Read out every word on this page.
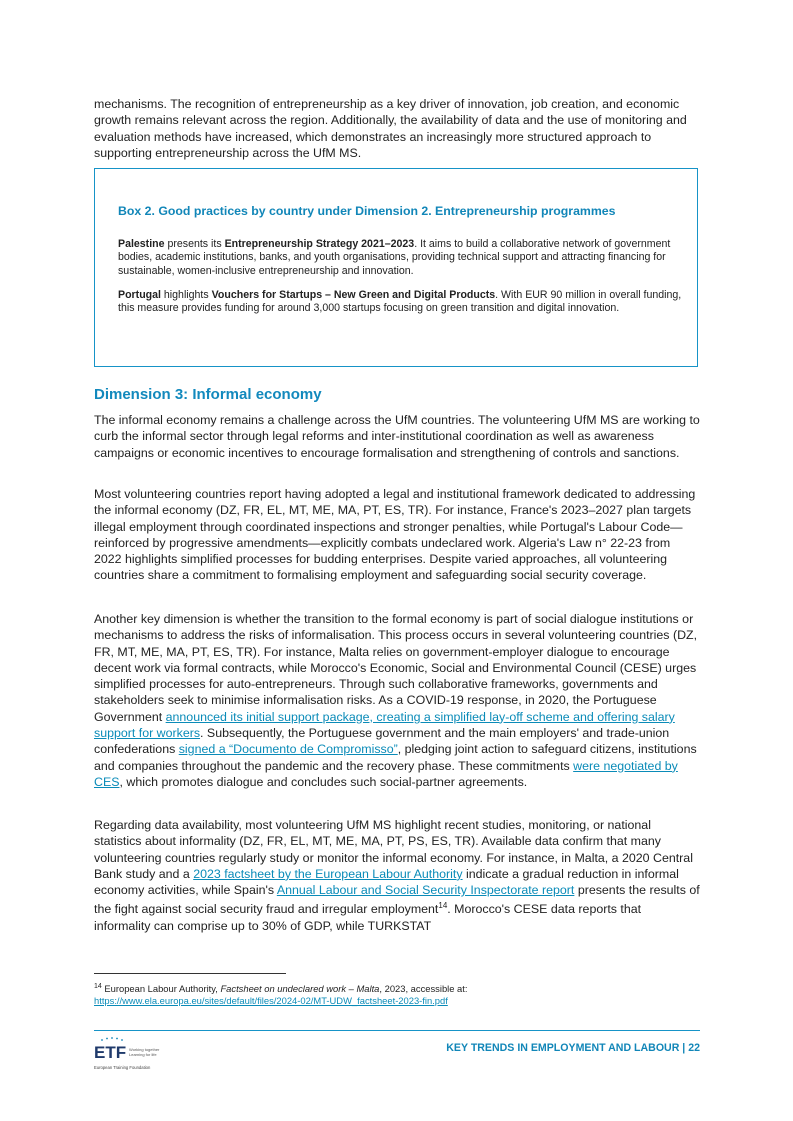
mechanisms. The recognition of entrepreneurship as a key driver of innovation, job creation, and economic growth remains relevant across the region. Additionally, the availability of data and the use of monitoring and evaluation methods have increased, which demonstrates an increasingly more structured approach to supporting entrepreneurship across the UfM MS.

Box 2. Good practices by country under Dimension 2. Entrepreneurship programmes

Palestine presents its Entrepreneurship Strategy 2021–2023. It aims to build a collaborative network of government bodies, academic institutions, banks, and youth organisations, providing technical support and attracting financing for sustainable, women-inclusive entrepreneurship and innovation.

Portugal highlights Vouchers for Startups – New Green and Digital Products. With EUR 90 million in overall funding, this measure provides funding for around 3,000 startups focusing on green transition and digital innovation.

Dimension 3: Informal economy

The informal economy remains a challenge across the UfM countries. The volunteering UfM MS are working to curb the informal sector through legal reforms and inter-institutional coordination as well as awareness campaigns or economic incentives to encourage formalisation and strengthening of controls and sanctions.

Most volunteering countries report having adopted a legal and institutional framework dedicated to addressing the informal economy (DZ, FR, EL, MT, ME, MA, PT, ES, TR). For instance, France's 2023–2027 plan targets illegal employment through coordinated inspections and stronger penalties, while Portugal's Labour Code—reinforced by progressive amendments—explicitly combats undeclared work. Algeria's Law n° 22-23 from 2022 highlights simplified processes for budding enterprises. Despite varied approaches, all volunteering countries share a commitment to formalising employment and safeguarding social security coverage.

Another key dimension is whether the transition to the formal economy is part of social dialogue institutions or mechanisms to address the risks of informalisation. This process occurs in several volunteering countries (DZ, FR, MT, ME, MA, PT, ES, TR). For instance, Malta relies on government-employer dialogue to encourage decent work via formal contracts, while Morocco's Economic, Social and Environmental Council (CESE) urges simplified processes for auto-entrepreneurs. Through such collaborative frameworks, governments and stakeholders seek to minimise informalisation risks. As a COVID-19 response, in 2020, the Portuguese Government announced its initial support package, creating a simplified lay-off scheme and offering salary support for workers. Subsequently, the Portuguese government and the main employers' and trade-union confederations signed a “Documento de Compromisso”, pledging joint action to safeguard citizens, institutions and companies throughout the pandemic and the recovery phase. These commitments were negotiated by CES, which promotes dialogue and concludes such social-partner agreements.

Regarding data availability, most volunteering UfM MS highlight recent studies, monitoring, or national statistics about informality (DZ, FR, EL, MT, ME, MA, PT, PS, ES, TR). Available data confirm that many volunteering countries regularly study or monitor the informal economy. For instance, in Malta, a 2020 Central Bank study and a 2023 factsheet by the European Labour Authority indicate a gradual reduction in informal economy activities, while Spain's Annual Labour and Social Security Inspectorate report presents the results of the fight against social security fraud and irregular employment$^{14}$. Morocco's CESE data reports that informality can comprise up to 30% of GDP, while TURKSTAT

$^{14}$ European Labour Authority, Factsheet on undeclared work – Malta, 2023, accessible at:
https://www.ela.europa.eu/sites/default/files/2024-02/MT-UDW_factsheet-2023-fin.pdf

ETF Working together
Learning for life
European Training Foundation

KEY TRENDS IN EMPLOYMENT AND LABOUR | 22
